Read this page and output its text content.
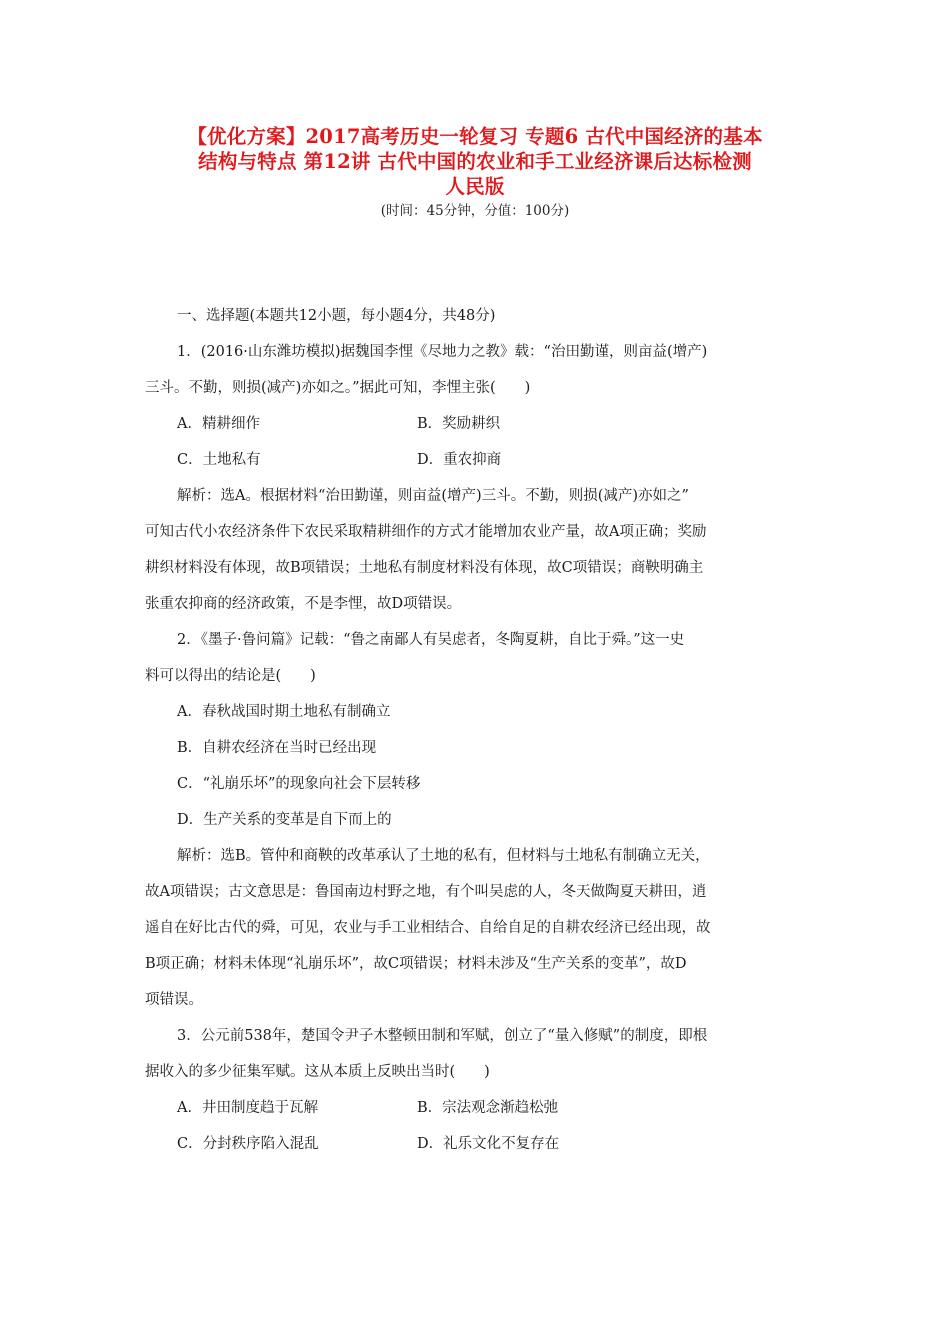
【优化方案】2017高考历史一轮复习 专题6 古代中国经济的基本
结构与特点 第12讲 古代中国的农业和手工业经济课后达标检测
人民版
(时间：45分钟，分值：100分)
一、选择题(本题共12小题，每小题4分，共48分)
1．(2016·山东潍坊模拟)据魏国李悝《尽地力之教》载：“治田勤谨，则亩益(增产)
三斗。不勤，则损(减产)亦如之。”据此可知，李悝主张(　　)
A．精耕细作	B．奖励耕织
C．土地私有	D．重农抑商
解析：选A。根据材料“治田勤谨，则亩益(增产)三斗。不勤，则损(减产)亦如之”
可知古代小农经济条件下农民采取精耕细作的方式才能增加农业产量，故A项正确；奖励
耕织材料没有体现，故B项错误；土地私有制度材料没有体现，故C项错误；商鞅明确主
张重农抑商的经济政策，不是李悝，故D项错误。
2．《墨子·鲁问篇》记载：“鲁之南鄙人有吴虑者，冬陶夏耕，自比于舜。”这一史
料可以得出的结论是(　　)
A．春秋战国时期土地私有制确立
B．自耕农经济在当时已经出现
C．“礼崩乐坏”的现象向社会下层转移
D．生产关系的变革是自下而上的
解析：选B。管仲和商鞅的改革承认了土地的私有，但材料与土地私有制确立无关，
故A项错误；古文意思是：鲁国南边村野之地，有个叫吴虑的人，冬天做陶夏天耕田，逍
遥自在好比古代的舜，可见，农业与手工业相结合、自给自足的自耕农经济已经出现，故
B项正确；材料未体现“礼崩乐坏”，故C项错误；材料未涉及“生产关系的变革”，故D
项错误。
3．公元前538年，楚国令尹子木整顿田制和军赋，创立了“量入修赋”的制度，即根
据收入的多少征集军赋。这从本质上反映出当时(　　)
A．井田制度趋于瓦解	B．宗法观念渐趋松弛
C．分封秩序陷入混乱	D．礼乐文化不复存在
